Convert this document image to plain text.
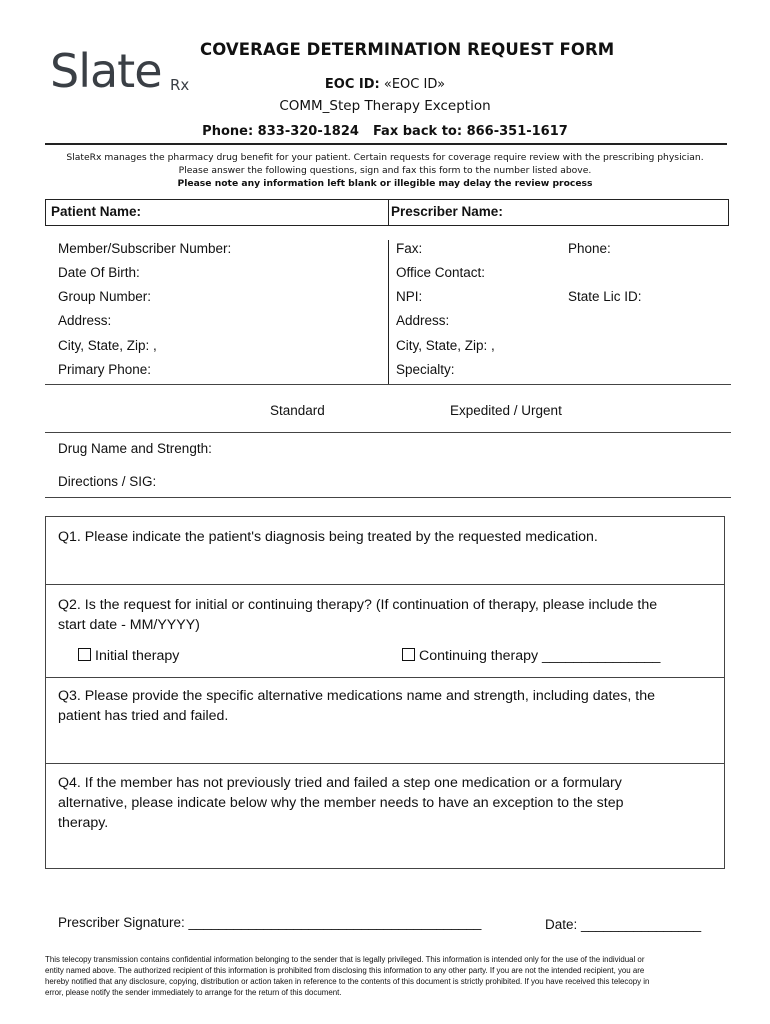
Slate Rx
COVERAGE DETERMINATION REQUEST FORM
EOC ID: «EOC ID»
COMM_Step Therapy Exception
Phone: 833-320-1824 Fax back to: 866-351-1617
SlateRx manages the pharmacy drug benefit for your patient. Certain requests for coverage require review with the prescribing physician.
Please answer the following questions, sign and fax this form to the number listed above.
Please note any information left blank or illegible may delay the review process
Patient Name:	Prescriber Name:
Member/Subscriber Number:
Date Of Birth:
Group Number:
Address:
City, State, Zip: ,
Primary Phone:
Fax:	Phone:
Office Contact:
NPI:	State Lic ID:
Address:
City, State, Zip: ,
Specialty:
Standard	Expedited / Urgent
Drug Name and Strength:
Directions / SIG:
Q1. Please indicate the patient's diagnosis being treated by the requested medication.
Q2. Is the request for initial or continuing therapy? (If continuation of therapy, please include the
start date - MM/YYYY)
Initial therapy	Continuing therapy _______________
Q3. Please provide the specific alternative medications name and strength, including dates, the
patient has tried and failed.
Q4. If the member has not previously tried and failed a step one medication or a formulary
alternative, please indicate below why the member needs to have an exception to the step
therapy.
Prescriber Signature: _______________________________________	Date: ________________
This telecopy transmission contains confidential information belonging to the sender that is legally privileged. This information is intended only for the use of the individual or
entity named above. The authorized recipient of this information is prohibited from disclosing this information to any other party. If you are not the intended recipient, you are
hereby notified that any disclosure, copying, distribution or action taken in reference to the contents of this document is strictly prohibited. If you have received this telecopy in
error, please notify the sender immediately to arrange for the return of this document.
